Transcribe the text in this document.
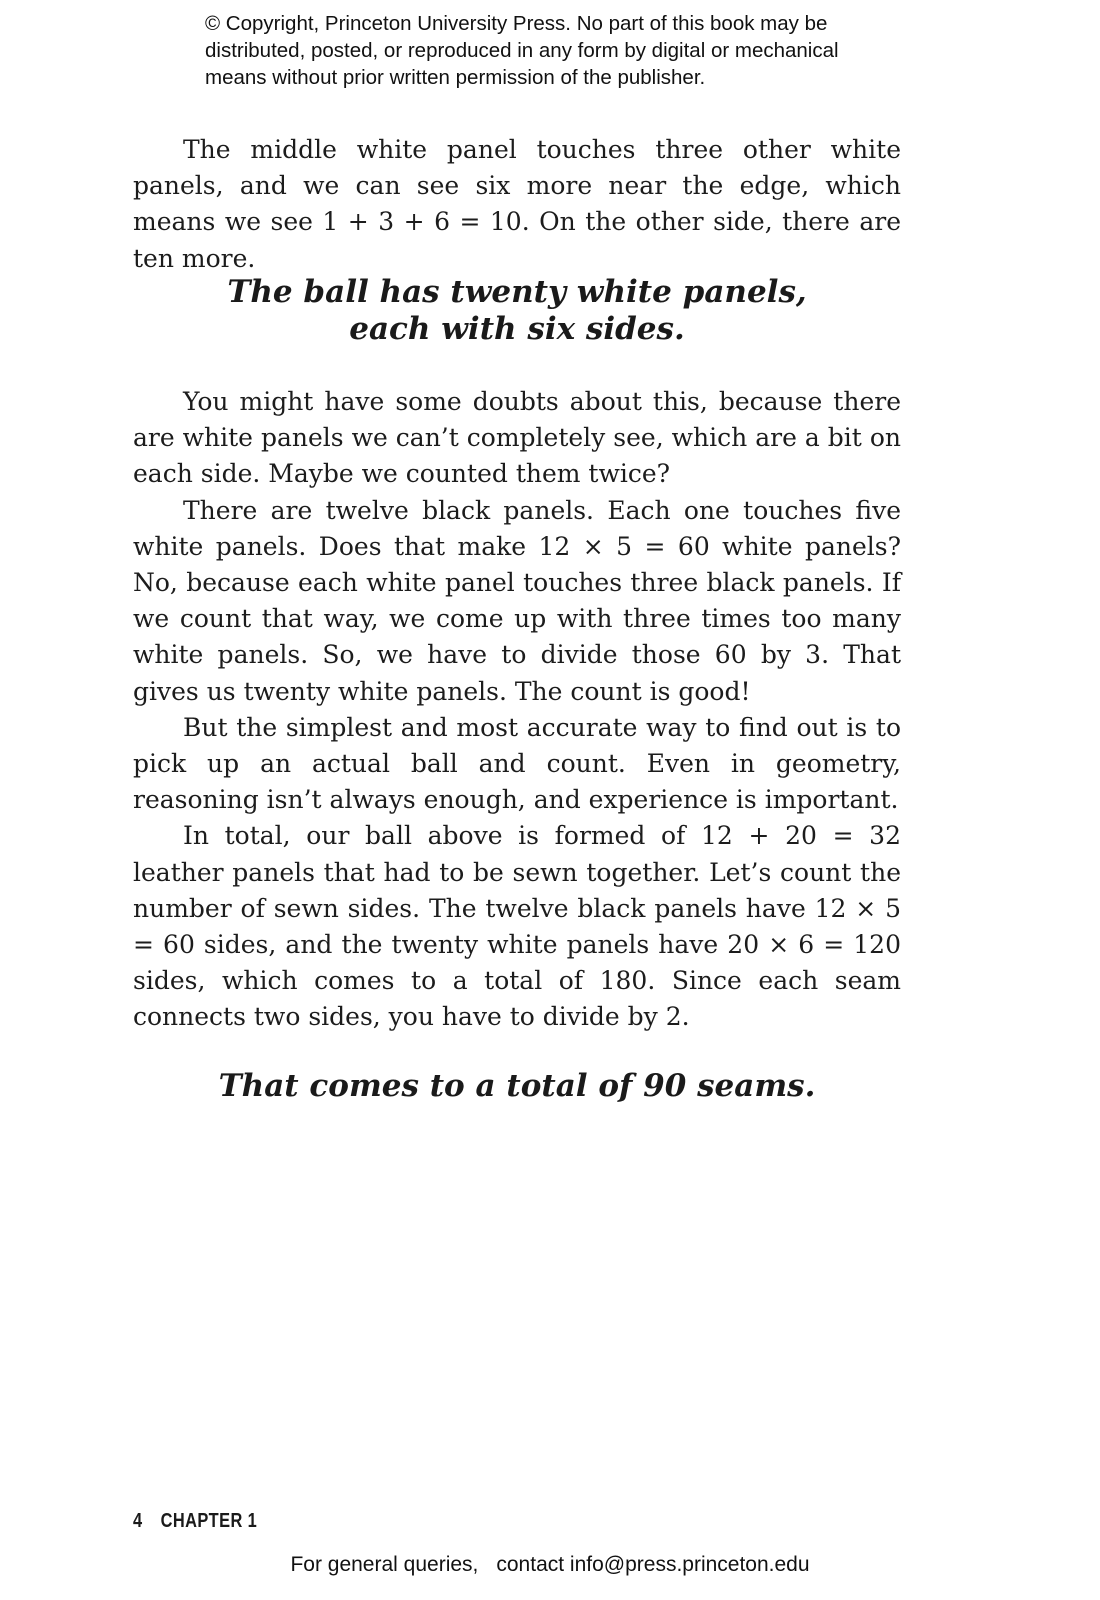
© Copyright, Princeton University Press. No part of this book may be
distributed, posted, or reproduced in any form by digital or mechanical
means without prior written permission of the publisher.

The middle white panel touches three other white panels, and we can see six more near the edge, which means we see 1 + 3 + 6 = 10. On the other side, there are ten more.

The ball has twenty white panels,
each with six sides.

You might have some doubts about this, because there are white panels we can’t completely see, which are a bit on each side. Maybe we counted them twice?

There are twelve black panels. Each one touches five white panels. Does that make 12 × 5 = 60 white panels? No, because each white panel touches three black panels. If we count that way, we come up with three times too many white panels. So, we have to divide those 60 by 3. That gives us twenty white panels. The count is good!

But the simplest and most accurate way to find out is to pick up an actual ball and count. Even in geometry, reasoning isn’t always enough, and experience is important.

In total, our ball above is formed of 12 + 20 = 32 leather panels that had to be sewn together. Let’s count the number of sewn sides. The twelve black panels have 12 × 5 = 60 sides, and the twenty white panels have 20 × 6 = 120 sides, which comes to a total of 180. Since each seam connects two sides, you have to divide by 2.

That comes to a total of 90 seams.
4 CHAPTER 1
For general queries, contact info@press.princeton.edu
